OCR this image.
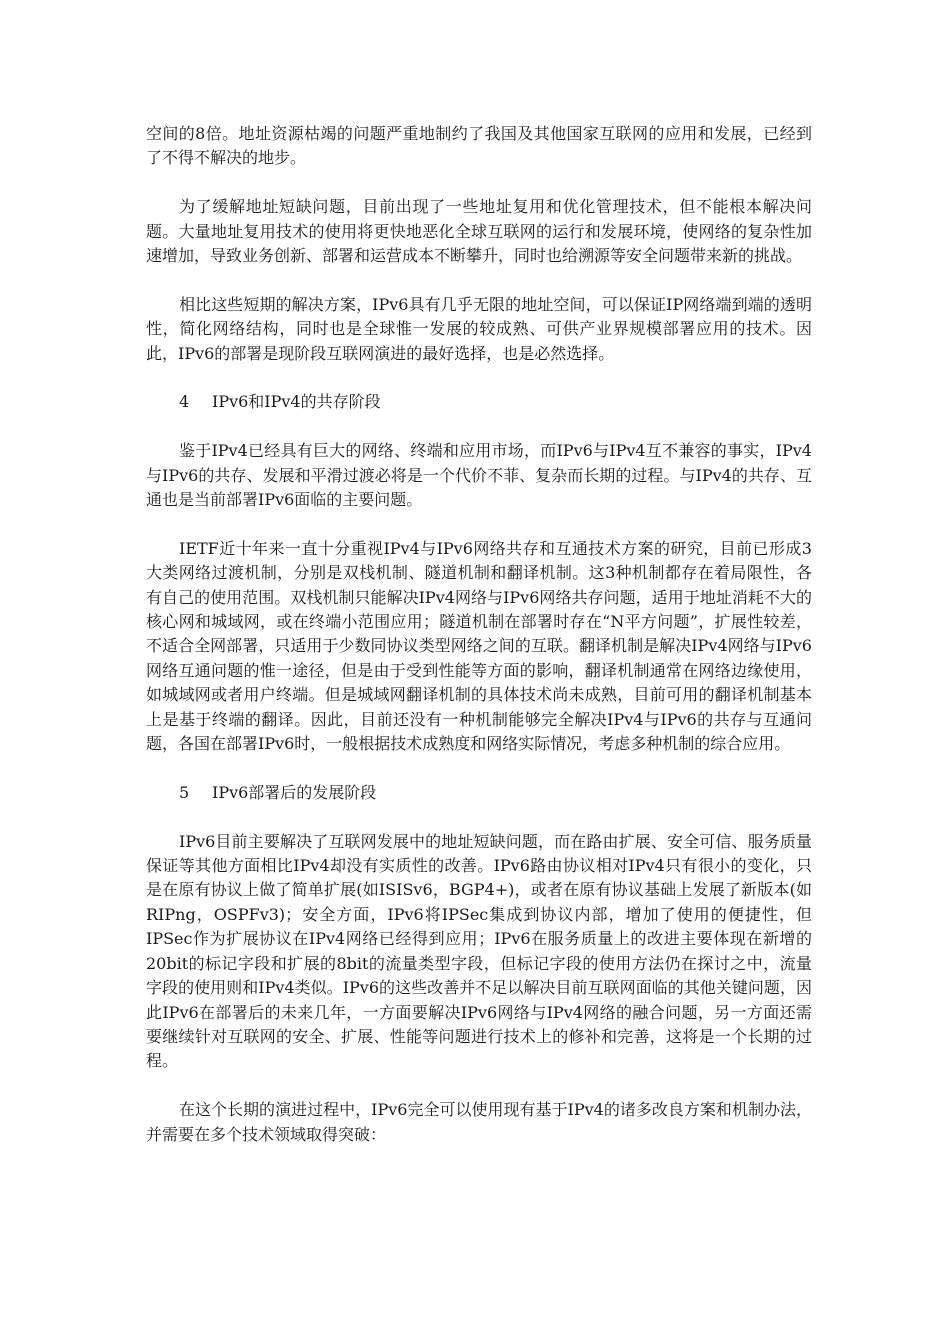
空间的8倍。地址资源枯竭的问题严重地制约了我国及其他国家互联网的应用和发展，已经到了不得不解决的地步。

为了缓解地址短缺问题，目前出现了一些地址复用和优化管理技术，但不能根本解决问题。大量地址复用技术的使用将更快地恶化全球互联网的运行和发展环境，使网络的复杂性加速增加，导致业务创新、部署和运营成本不断攀升，同时也给溯源等安全问题带来新的挑战。

相比这些短期的解决方案，IPv6具有几乎无限的地址空间，可以保证IP网络端到端的透明性，简化网络结构，同时也是全球惟一发展的较成熟、可供产业界规模部署应用的技术。因此，IPv6的部署是现阶段互联网演进的最好选择，也是必然选择。

4 IPv6和IPv4的共存阶段

鉴于IPv4已经具有巨大的网络、终端和应用市场，而IPv6与IPv4互不兼容的事实，IPv4与IPv6的共存、发展和平滑过渡必将是一个代价不菲、复杂而长期的过程。与IPv4的共存、互通也是当前部署IPv6面临的主要问题。

IETF近十年来一直十分重视IPv4与IPv6网络共存和互通技术方案的研究，目前已形成3大类网络过渡机制，分别是双栈机制、隧道机制和翻译机制。这3种机制都存在着局限性，各有自己的使用范围。双栈机制只能解决IPv4网络与IPv6网络共存问题，适用于地址消耗不大的核心网和城域网，或在终端小范围应用；隧道机制在部署时存在“N平方问题”，扩展性较差，不适合全网部署，只适用于少数同协议类型网络之间的互联。翻译机制是解决IPv4网络与IPv6网络互通问题的惟一途径，但是由于受到性能等方面的影响，翻译机制通常在网络边缘使用，如城域网或者用户终端。但是城域网翻译机制的具体技术尚未成熟，目前可用的翻译机制基本上是基于终端的翻译。因此，目前还没有一种机制能够完全解决IPv4与IPv6的共存与互通问题，各国在部署IPv6时，一般根据技术成熟度和网络实际情况，考虑多种机制的综合应用。

5 IPv6部署后的发展阶段

IPv6目前主要解决了互联网发展中的地址短缺问题，而在路由扩展、安全可信、服务质量保证等其他方面相比IPv4却没有实质性的改善。IPv6路由协议相对IPv4只有很小的变化，只是在原有协议上做了简单扩展(如ISISv6，BGP4+)，或者在原有协议基础上发展了新版本(如RIPng，OSPFv3)；安全方面，IPv6将IPSec集成到协议内部，增加了使用的便捷性，但IPSec作为扩展协议在IPv4网络已经得到应用；IPv6在服务质量上的改进主要体现在新增的20bit的标记字段和扩展的8bit的流量类型字段，但标记字段的使用方法仍在探讨之中，流量字段的使用则和IPv4类似。IPv6的这些改善并不足以解决目前互联网面临的其他关键问题，因此IPv6在部署后的未来几年，一方面要解决IPv6网络与IPv4网络的融合问题，另一方面还需要继续针对互联网的安全、扩展、性能等问题进行技术上的修补和完善，这将是一个长期的过程。

在这个长期的演进过程中，IPv6完全可以使用现有基于IPv4的诸多改良方案和机制办法，并需要在多个技术领域取得突破：
